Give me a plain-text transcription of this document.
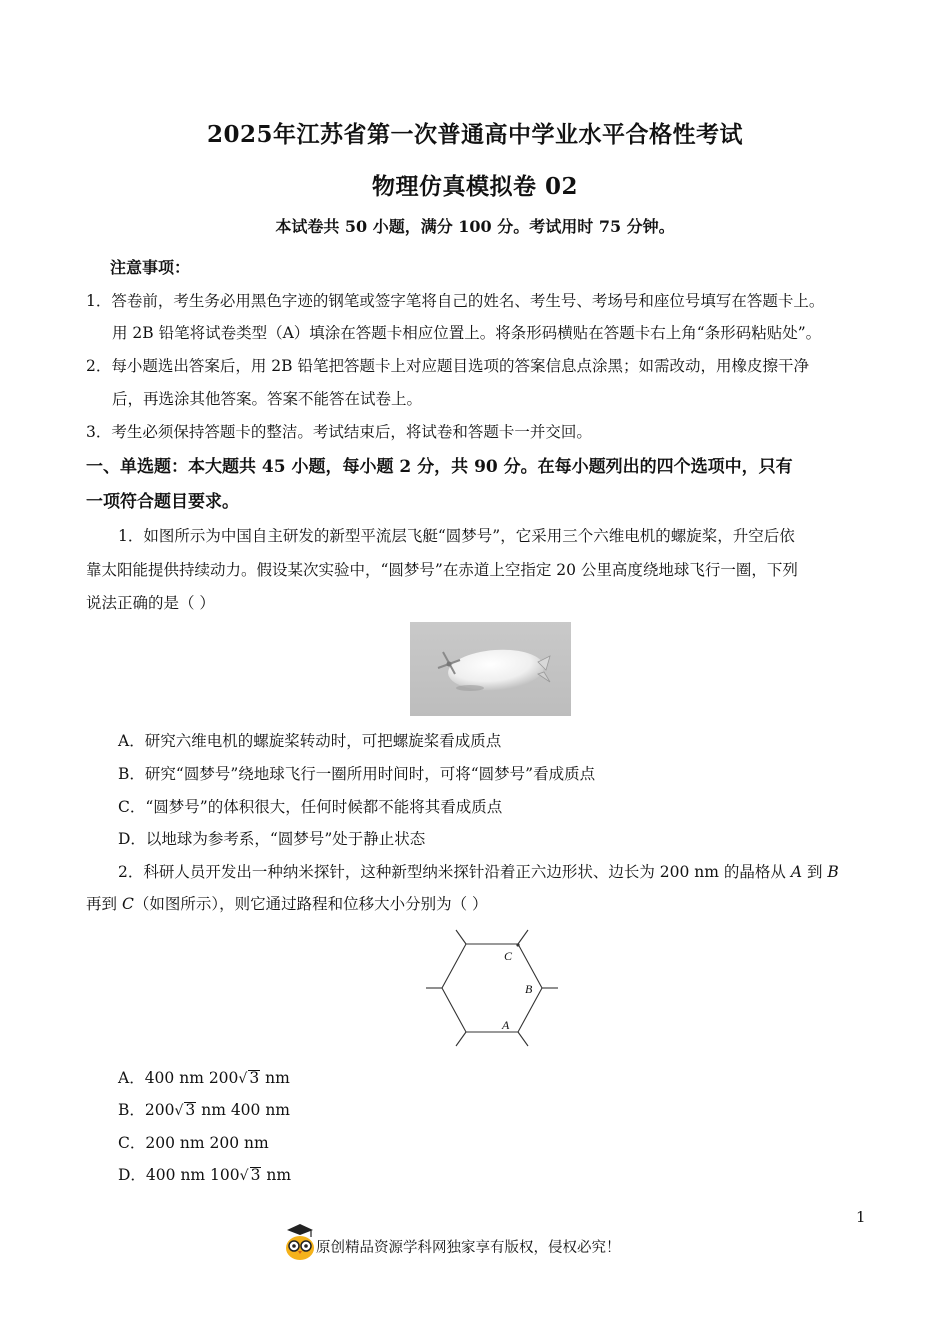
2025年江苏省第一次普通高中学业水平合格性考试
物理仿真模拟卷 02
本试卷共 50 小题，满分 100 分。考试用时 75 分钟。
注意事项：
1．答卷前，考生务必用黑色字迹的钢笔或签字笔将自己的姓名、考生号、考场号和座位号填写在答题卡上。
用 2B 铅笔将试卷类型（A）填涂在答题卡相应位置上。将条形码横贴在答题卡右上角“条形码粘贴处”。
2．每小题选出答案后，用 2B 铅笔把答题卡上对应题目选项的答案信息点涂黑；如需改动，用橡皮擦干净
后，再选涂其他答案。答案不能答在试卷上。
3．考生必须保持答题卡的整洁。考试结束后，将试卷和答题卡一并交回。
一、单选题：本大题共 45 小题，每小题 2 分，共 90 分。在每小题列出的四个选项中，只有
一项符合题目要求。
1．如图所示为中国自主研发的新型平流层飞艇“圆梦号”，它采用三个六维电机的螺旋桨，升空后依
靠太阳能提供持续动力。假设某次实验中，“圆梦号”在赤道上空指定 20 公里高度绕地球飞行一圈，下列
说法正确的是（ ）
A．研究六维电机的螺旋桨转动时，可把螺旋桨看成质点
B．研究“圆梦号”绕地球飞行一圈所用时间时，可将“圆梦号”看成质点
C．“圆梦号”的体积很大，任何时候都不能将其看成质点
D．以地球为参考系，“圆梦号”处于静止状态
2．科研人员开发出一种纳米探针，这种新型纳米探针沿着正六边形状、边长为 200 nm 的晶格从 A 到 B
再到 C（如图所示），则它通过路程和位移大小分别为（ ）
C
B
A
A．400 nm 200√ 3 nm
B．200√ 3 nm 400 nm
C．200 nm 200 nm
D．400 nm 100√ 3 nm
1
原创精品资源学科网独家享有版权，侵权必究！
